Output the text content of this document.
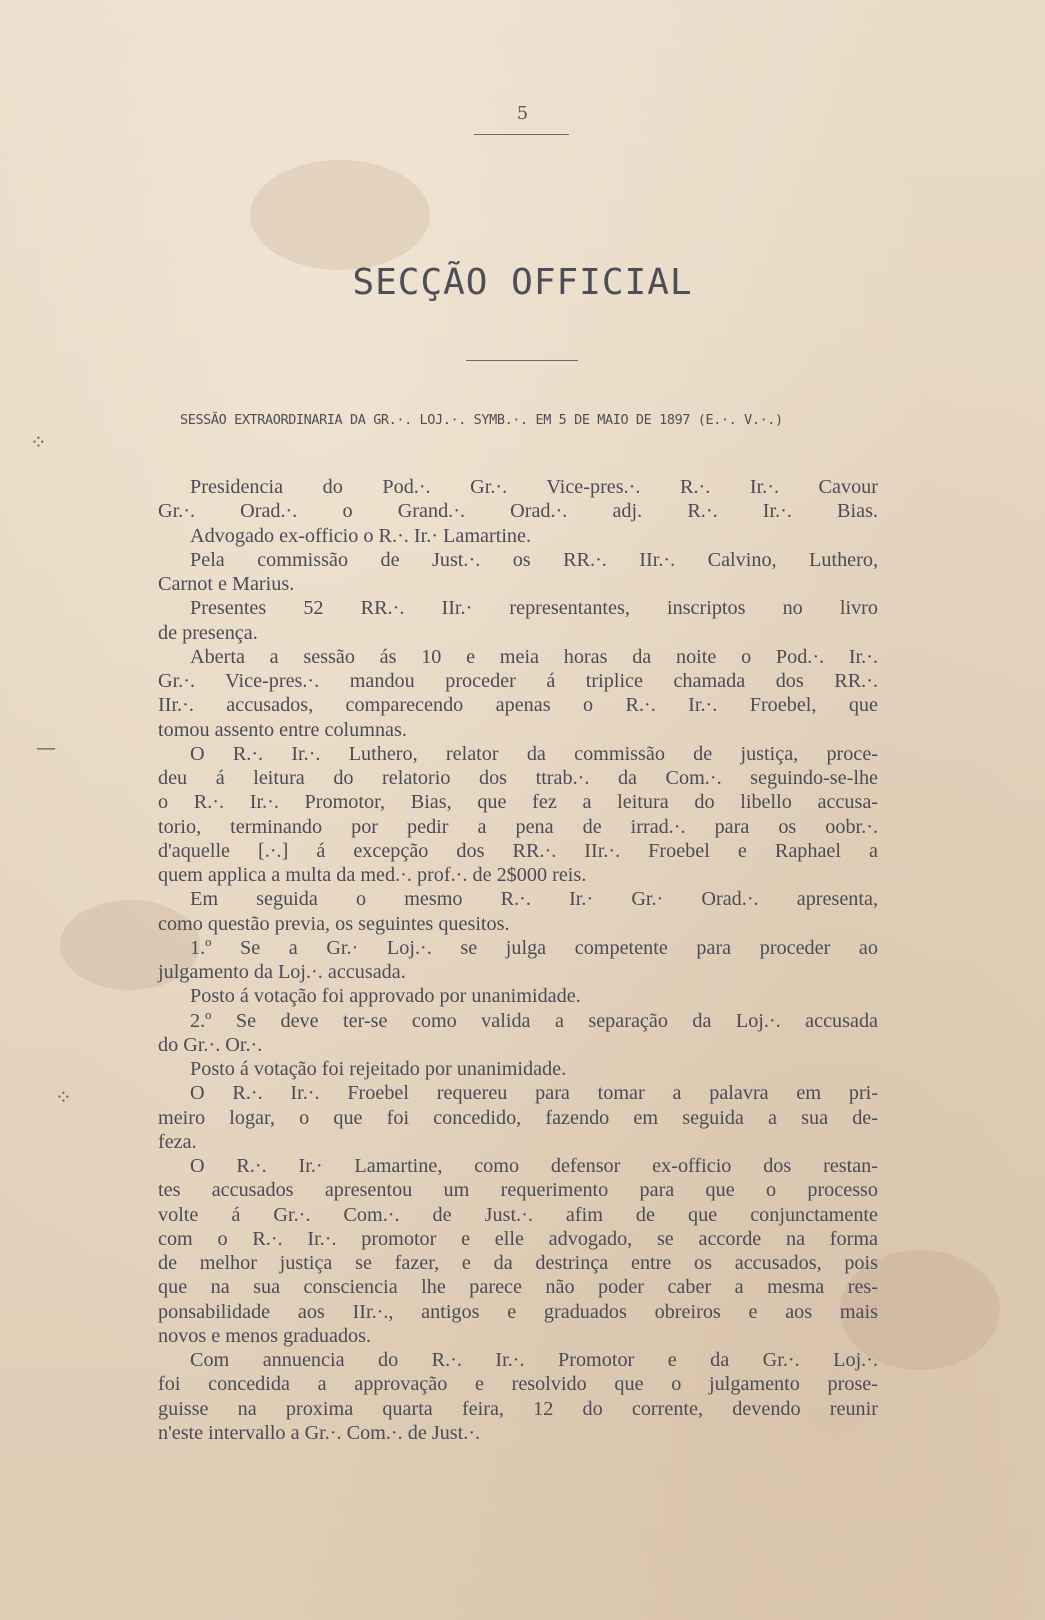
⁘
—
⁘
5
SECÇÃO OFFICIAL
SESSÃO EXTRAORDINARIA DA GR.·. LOJ.·. SYMB.·. EM 5 DE MAIO DE 1897 (E.·. V.·.)
Presidencia do Pod.·. Gr.·. Vice-pres.·. R.·. Ir.·. Cavour
Gr.·. Orad.·. o Grand.·. Orad.·. adj. R.·. Ir.·. Bias.
Advogado ex-officio o R.·. Ir.· Lamartine.
Pela commissão de Just.·. os RR.·. IIr.·. Calvino, Luthero,
Carnot e Marius.
Presentes 52 RR.·. IIr.· representantes, inscriptos no livro
de presença.
Aberta a sessão ás 10 e meia horas da noite o Pod.·. Ir.·.
Gr.·. Vice-pres.·. mandou proceder á triplice chamada dos RR.·.
IIr.·. accusados, comparecendo apenas o R.·. Ir.·. Froebel, que
tomou assento entre columnas.
O R.·. Ir.·. Luthero, relator da commissão de justiça, proce-
deu á leitura do relatorio dos ttrab.·. da Com.·. seguindo-se-lhe
o R.·. Ir.·. Promotor, Bias, que fez a leitura do libello accusa-
torio, terminando por pedir a pena de irrad.·. para os oobr.·.
d'aquelle [.·.] á excepção dos RR.·. IIr.·. Froebel e Raphael a
quem applica a multa da med.·. prof.·. de 2$000 reis.
Em seguida o mesmo R.·. Ir.· Gr.· Orad.·. apresenta,
como questão previa, os seguintes quesitos.
1.º Se a Gr.· Loj.·. se julga competente para proceder ao
julgamento da Loj.·. accusada.
Posto á votação foi approvado por unanimidade.
2.º Se deve ter-se como valida a separação da Loj.·. accusada
do Gr.·. Or.·.
Posto á votação foi rejeitado por unanimidade.
O R.·. Ir.·. Froebel requereu para tomar a palavra em pri-
meiro logar, o que foi concedido, fazendo em seguida a sua de-
feza.
O R.·. Ir.· Lamartine, como defensor ex-officio dos restan-
tes accusados apresentou um requerimento para que o processo
volte á Gr.·. Com.·. de Just.·. afim de que conjunctamente
com o R.·. Ir.·. promotor e elle advogado, se accorde na forma
de melhor justiça se fazer, e da destrinça entre os accusados, pois
que na sua consciencia lhe parece não poder caber a mesma res-
ponsabilidade aos IIr.·., antigos e graduados obreiros e aos mais
novos e menos graduados.
Com annuencia do R.·. Ir.·. Promotor e da Gr.·. Loj.·.
foi concedida a approvação e resolvido que o julgamento prose-
guisse na proxima quarta feira, 12 do corrente, devendo reunir
n'este intervallo a Gr.·. Com.·. de Just.·.
